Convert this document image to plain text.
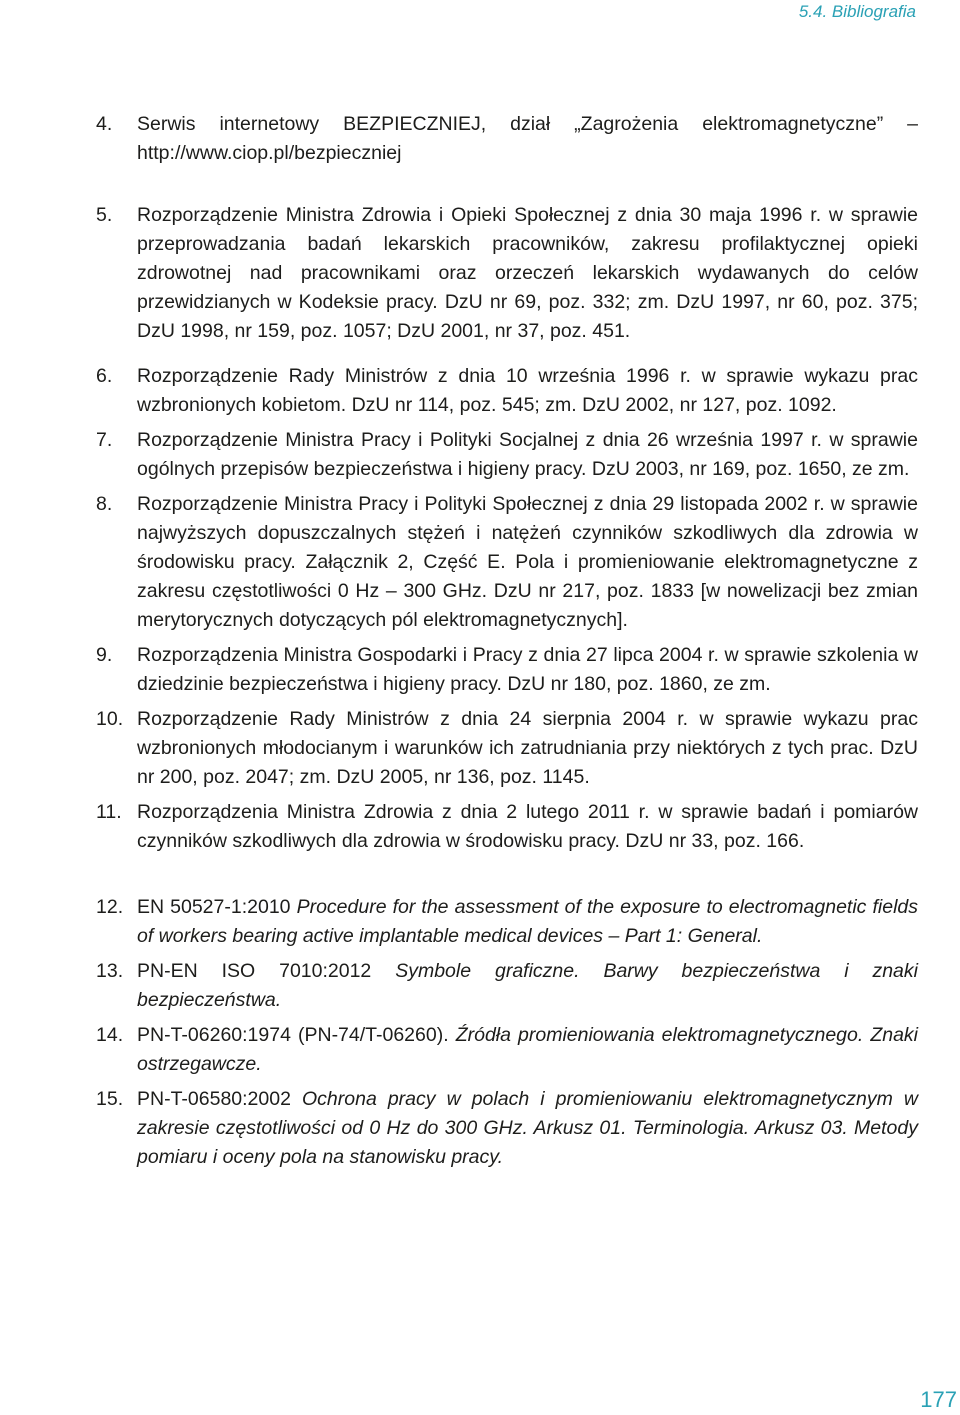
5.4. Bibliografia
4. Serwis internetowy BEZPIECZNIEJ, dział „Zagrożenia elektromagnetyczne” – http://www.ciop.pl/bezpieczniej
5. Rozporządzenie Ministra Zdrowia i Opieki Społecznej z dnia 30 maja 1996 r. w sprawie przeprowadzania badań lekarskich pracowników, zakresu profilaktycznej opieki zdrowotnej nad pracownikami oraz orzeczeń lekarskich wydawanych do celów przewidzianych w Kodeksie pracy. DzU nr 69, poz. 332; zm. DzU 1997, nr 60, poz. 375; DzU 1998, nr 159, poz. 1057; DzU 2001, nr 37, poz. 451.
6. Rozporządzenie Rady Ministrów z dnia 10 września 1996 r. w sprawie wykazu prac wzbronionych kobietom. DzU nr 114, poz. 545; zm. DzU 2002, nr 127, poz. 1092.
7. Rozporządzenie Ministra Pracy i Polityki Socjalnej z dnia 26 września 1997 r. w sprawie ogólnych przepisów bezpieczeństwa i higieny pracy. DzU 2003, nr 169, poz. 1650, ze zm.
8. Rozporządzenie Ministra Pracy i Polityki Społecznej z dnia 29 listopada 2002 r. w sprawie najwyższych dopuszczalnych stężeń i natężeń czynników szkodliwych dla zdrowia w środowisku pracy. Załącznik 2, Część E. Pola i promieniowanie elektromagnetyczne z zakresu częstotliwości 0 Hz – 300 GHz. DzU nr 217, poz. 1833 [w nowelizacji bez zmian merytorycznych dotyczących pól elektromagnetycznych].
9. Rozporządzenia Ministra Gospodarki i Pracy z dnia 27 lipca 2004 r. w sprawie szkolenia w dziedzinie bezpieczeństwa i higieny pracy. DzU nr 180, poz. 1860, ze zm.
10. Rozporządzenie Rady Ministrów z dnia 24 sierpnia 2004 r. w sprawie wykazu prac wzbronionych młodocianym i warunków ich zatrudniania przy niektórych z tych prac. DzU nr 200, poz. 2047; zm. DzU 2005, nr 136, poz. 1145.
11. Rozporządzenia Ministra Zdrowia z dnia 2 lutego 2011 r. w sprawie badań i pomiarów czynników szkodliwych dla zdrowia w środowisku pracy. DzU nr 33, poz. 166.
12. EN 50527-1:2010 Procedure for the assessment of the exposure to electromagnetic fields of workers bearing active implantable medical devices – Part 1: General.
13. PN-EN ISO 7010:2012 Symbole graficzne. Barwy bezpieczeństwa i znaki bezpieczeństwa.
14. PN-T-06260:1974 (PN-74/T-06260). Źródła promieniowania elektromagnetycznego. Znaki ostrzegawcze.
15. PN-T-06580:2002 Ochrona pracy w polach i promieniowaniu elektromagnetycznym w zakresie częstotliwości od 0 Hz do 300 GHz. Arkusz 01. Terminologia. Arkusz 03. Metody pomiaru i oceny pola na stanowisku pracy.
177
